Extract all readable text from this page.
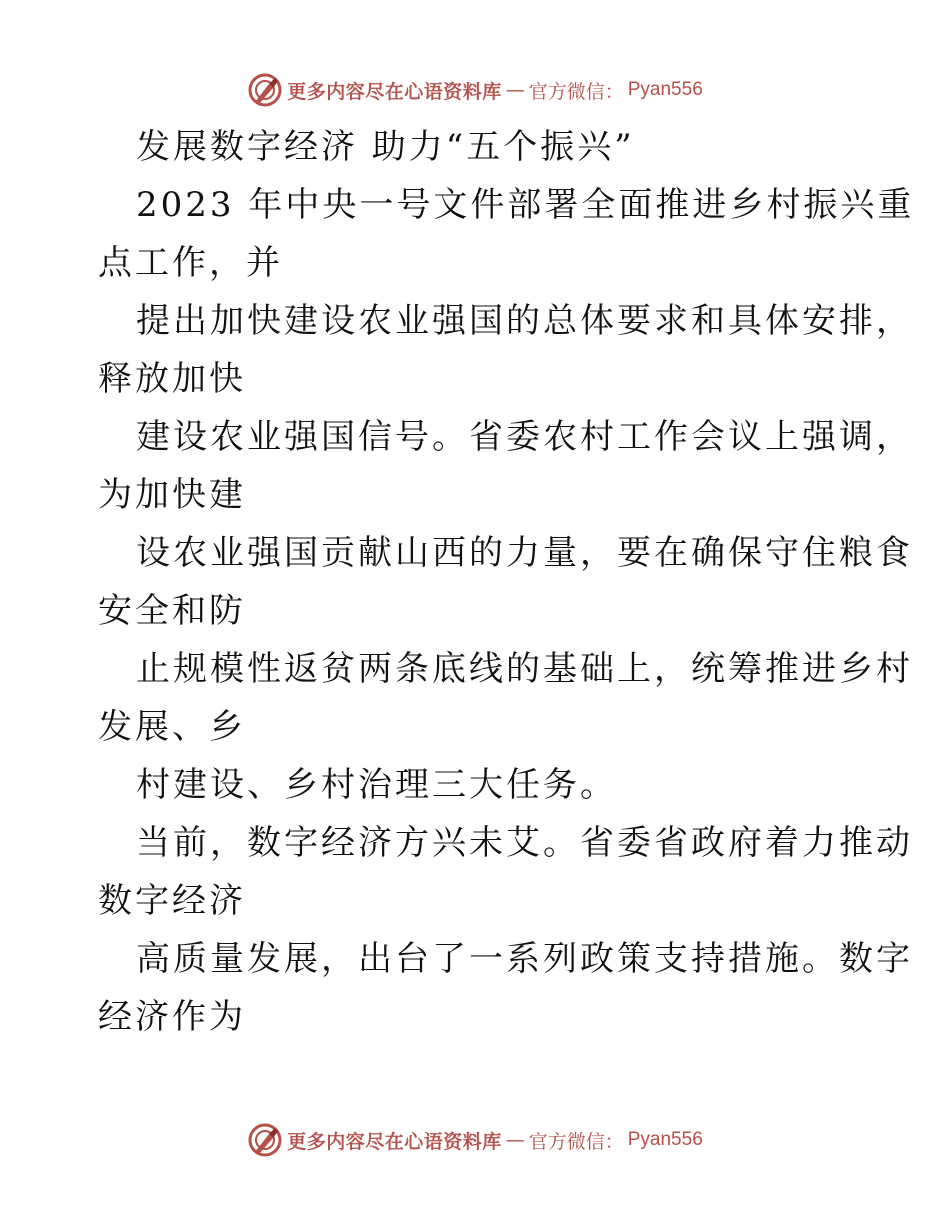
更多内容尽在心语资料库 — 官方微信： Pyan556
发展数字经济 助力“五个振兴”
2023 年中央一号文件部署全面推进乡村振兴重
点工作，并
提出加快建设农业强国的总体要求和具体安排，
释放加快
建设农业强国信号。省委农村工作会议上强调，
为加快建
设农业强国贡献山西的力量，要在确保守住粮食
安全和防
止规模性返贫两条底线的基础上，统筹推进乡村
发展、乡
村建设、乡村治理三大任务。
当前，数字经济方兴未艾。省委省政府着力推动
数字经济
高质量发展，出台了一系列政策支持措施。数字
经济作为
更多内容尽在心语资料库 — 官方微信： Pyan556
